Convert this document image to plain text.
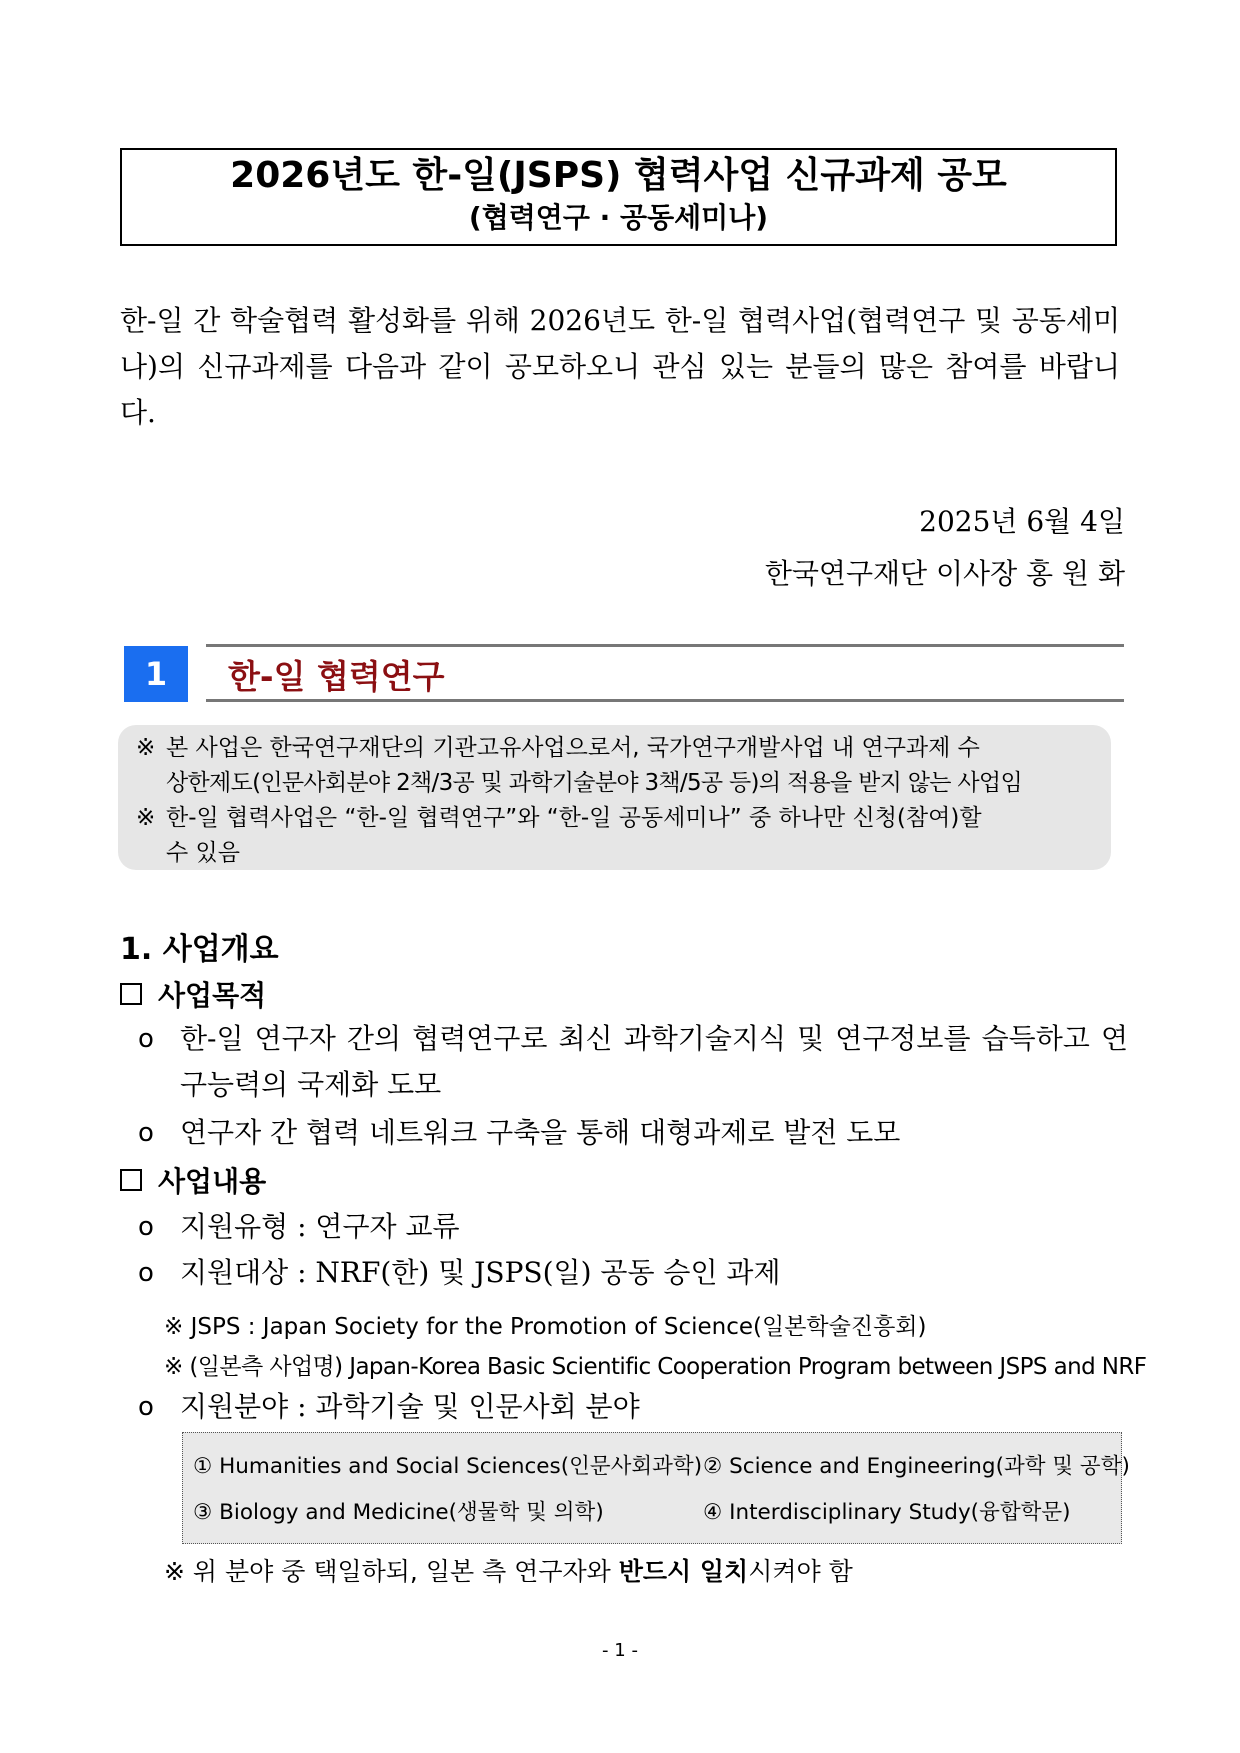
2026년도 한-일(JSPS) 협력사업 신규과제 공모
(협력연구 · 공동세미나)
한-일 간 학술협력 활성화를 위해 2026년도 한-일 협력사업(협력연구 및 공동세미나)의 신규과제를 다음과 같이 공모하오니 관심 있는 분들의 많은 참여를 바랍니다.
2025년 6월 4일
한국연구재단 이사장 홍 원 화
1	한-일 협력연구

※ 본 사업은 한국연구재단의 기관고유사업으로서, 국가연구개발사업 내 연구과제 수

상한제도(인문사회분야 2책/3공 및 과학기술분야 3책/5공 등)의 적용을 받지 않는 사업임

※ 한-일 협력사업은 “한-일 협력연구”와 “한-일 공동세미나” 중 하나만 신청(참여)할

수 있음

1. 사업개요
사업목적
o 한-일 연구자 간의 협력연구로 최신 과학기술지식 및 연구정보를 습득하고 연구능력의 국제화 도모
o 연구자 간 협력 네트워크 구축을 통해 대형과제로 발전 도모
사업내용
o 지원유형 : 연구자 교류
o 지원대상 : NRF(한) 및 JSPS(일) 공동 승인 과제
※ JSPS : Japan Society for the Promotion of Science(일본학술진흥회)
※ (일본측 사업명) Japan-Korea Basic Scientific Cooperation Program between JSPS and NRF
o 지원분야 : 과학기술 및 인문사회 분야
① Humanities and Social Sciences(인문사회과학) ② Science and Engineering(과학 및 공학)
③ Biology and Medicine(생물학 및 의학)	④ Interdisciplinary Study(융합학문)
※ 위 분야 중 택일하되, 일본 측 연구자와 반드시 일치시켜야 함
- 1 -
